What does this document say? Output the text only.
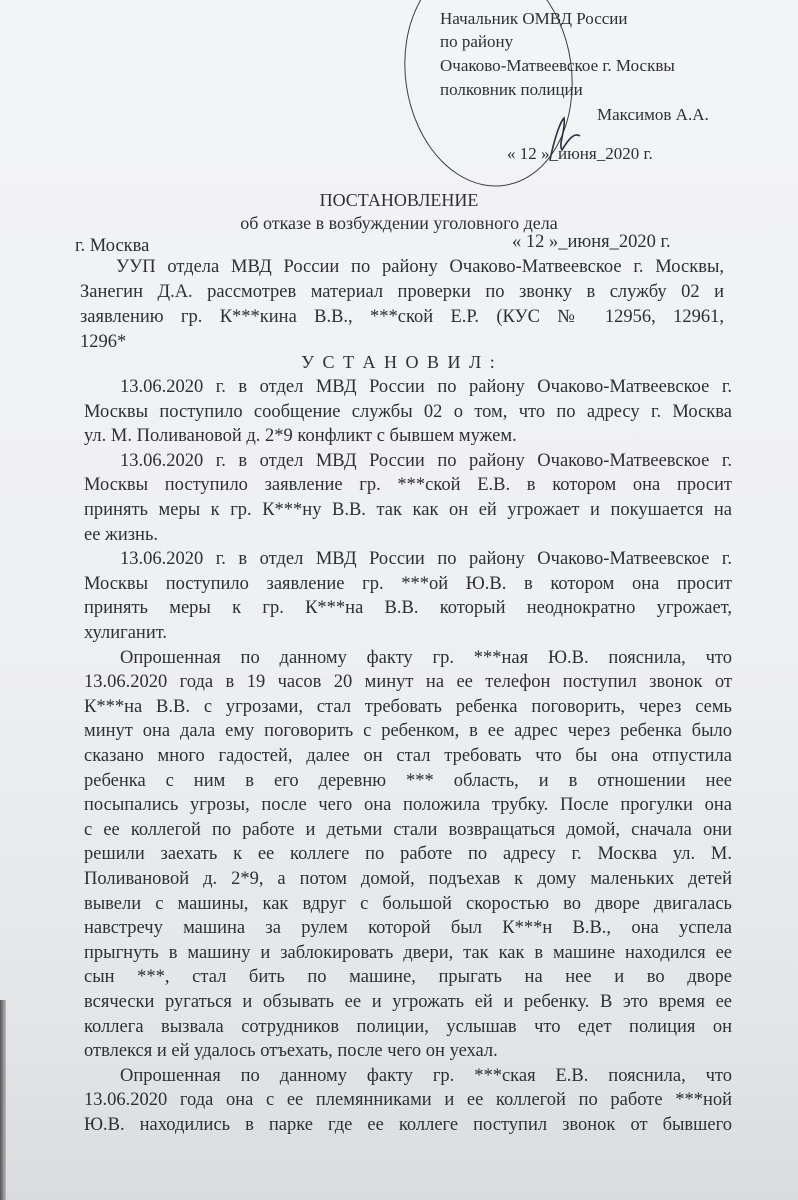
Начальник ОМВД России
по району
Очаково-Матвеевское г. Москвы
полковник полиции
Максимов А.А.
« 12 »_июня_2020 г.
ПОСТАНОВЛЕНИЕ
об отказе в возбуждении уголовного дела
г. Москва	« 12 »_июня_2020 г.
УУП отдела МВД России по району Очаково-Матвеевское г. Москвы,
Занегин Д.А. рассмотрев материал проверки по звонку в службу 02 и
заявлению гр. К***кина В.В., ***ской Е.Р. (КУС № 12956, 12961,
1296*
У С Т А Н О В И Л :
13.06.2020 г. в отдел МВД России по району Очаково-Матвеевское г.
Москвы поступило сообщение службы 02 о том, что по адресу г. Москва
ул. М. Поливановой д. 2*9 конфликт с бывшем мужем.
13.06.2020 г. в отдел МВД России по району Очаково-Матвеевское г.
Москвы поступило заявление гр. ***ской Е.В. в котором она просит
принять меры к гр. К***ну В.В. так как он ей угрожает и покушается на
ее жизнь.
13.06.2020 г. в отдел МВД России по району Очаково-Матвеевское г.
Москвы поступило заявление гр. ***ой Ю.В. в котором она просит
принять меры к гр. К***на В.В. который неоднократно угрожает,
хулиганит.
Опрошенная по данному факту гр. ***ная Ю.В. пояснила, что
13.06.2020 года в 19 часов 20 минут на ее телефон поступил звонок от
К***на В.В. с угрозами, стал требовать ребенка поговорить, через семь
минут она дала ему поговорить с ребенком, в ее адрес через ребенка было
сказано много гадостей, далее он стал требовать что бы она отпустила
ребенка с ним в его деревню *** область, и в отношении нее
посыпались угрозы, после чего она положила трубку. После прогулки она
с ее коллегой по работе и детьми стали возвращаться домой, сначала они
решили заехать к ее коллеге по работе по адресу г. Москва ул. М.
Поливановой д. 2*9, а потом домой, подъехав к дому маленьких детей
вывели с машины, как вдруг с большой скоростью во дворе двигалась
навстречу машина за рулем которой был К***н В.В., она успела
прыгнуть в машину и заблокировать двери, так как в машине находился ее
сын ***, стал бить по машине, прыгать на нее и во дворе
всячески ругаться и обзывать ее и угрожать ей и ребенку. В это время ее
коллега вызвала сотрудников полиции, услышав что едет полиция он
отвлекся и ей удалось отъехать, после чего он уехал.
Опрошенная по данному факту гр. ***ская Е.В. пояснила, что
13.06.2020 года она с ее племянниками и ее коллегой по работе ***ной
Ю.В. находились в парке где ее коллеге поступил звонок от бывшего
